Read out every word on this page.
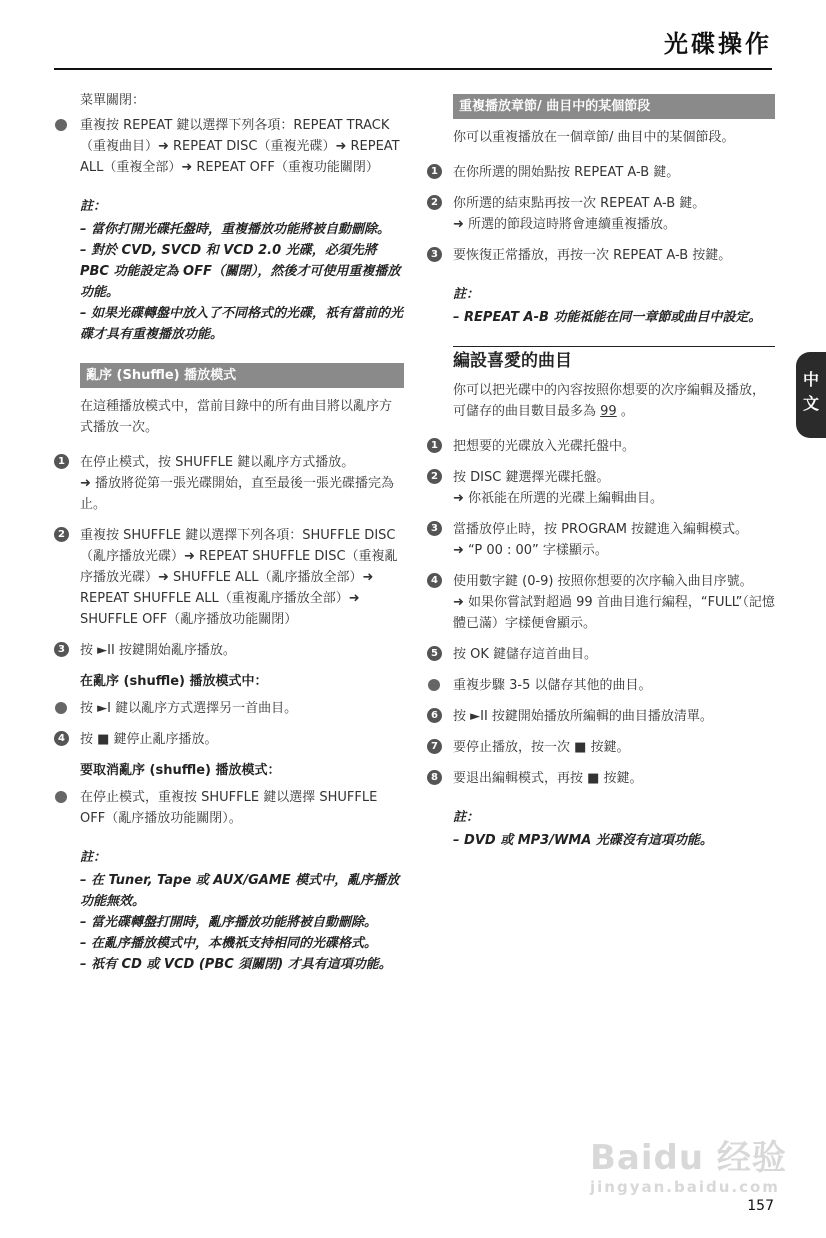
光碟操作
中
文

菜單關閉：

重複按 REPEAT 鍵以選擇下列各項：REPEAT TRACK（重複曲目）➜ REPEAT DISC（重複光碟）➜ REPEAT ALL（重複全部）➜ REPEAT OFF（重複功能關閉）

註：

– 當你打開光碟托盤時，重複播放功能將被自動刪除。

– 對於 CVD, SVCD 和 VCD 2.0 光碟，必須先將 PBC 功能設定為 OFF（關閉），然後才可使用重複播放功能。

– 如果光碟轉盤中放入了不同格式的光碟，祇有當前的光碟才具有重複播放功能。

亂序 (Shuffle) 播放模式

在這種播放模式中，當前目錄中的所有曲目將以亂序方式播放一次。

1	在停止模式，按 SHUFFLE 鍵以亂序方式播放。
➜ 播放將從第一張光碟開始，直至最後一張光碟播完為止。
2	重複按 SHUFFLE 鍵以選擇下列各項：SHUFFLE DISC（亂序播放光碟）➜ REPEAT SHUFFLE DISC（重複亂序播放光碟）➜ SHUFFLE ALL（亂序播放全部）➜ REPEAT SHUFFLE ALL（重複亂序播放全部）➜ SHUFFLE OFF（亂序播放功能關閉）
3	按 ►II 按鍵開始亂序播放。
在亂序 (shuffle) 播放模式中：
按 ►I 鍵以亂序方式選擇另一首曲目。
4	按 ■ 鍵停止亂序播放。
要取消亂序 (shuffle) 播放模式：
在停止模式，重複按 SHUFFLE 鍵以選擇 SHUFFLE OFF（亂序播放功能關閉）。

註：

– 在 Tuner, Tape 或 AUX/GAME 模式中，亂序播放功能無效。

– 當光碟轉盤打開時，亂序播放功能將被自動刪除。

– 在亂序播放模式中，本機祇支持相同的光碟格式。

– 祇有 CD 或 VCD (PBC 須關閉) 才具有這項功能。

重複播放章節/ 曲目中的某個節段

你可以重複播放在一個章節/ 曲目中的某個節段。

1	在你所選的開始點按 REPEAT A-B 鍵。
2	你所選的結束點再按一次 REPEAT A-B 鍵。
➜ 所選的節段這時將會連續重複播放。
3	要恢復正常播放，再按一次 REPEAT A-B 按鍵。

註：

– REPEAT A-B 功能祗能在同一章節或曲目中設定。

編設喜愛的曲目

你可以把光碟中的內容按照你想要的次序編輯及播放，可儲存的曲目數目最多為 99 。

1	把想要的光碟放入光碟托盤中。
2	按 DISC 鍵選擇光碟托盤。
➜ 你祇能在所選的光碟上編輯曲目。
3	當播放停止時，按 PROGRAM 按鍵進入編輯模式。
➜ “P 00 : 00” 字樣顯示。
4	使用數字鍵 (0-9) 按照你想要的次序輸入曲目序號。
➜ 如果你嘗試對超過 99 首曲目進行編程，“FULL”（記憶體已滿）字樣便會顯示。
5	按 OK 鍵儲存這首曲目。
重複步驟 3-5 以儲存其他的曲目。
6	按 ►II 按鍵開始播放所編輯的曲目播放清單。
7	要停止播放，按一次 ■ 按鍵。
8	要退出編輯模式，再按 ■ 按鍵。

註：

– DVD 或 MP3/WMA 光碟沒有這項功能。

Baidu 经验
jingyan.baidu.com
157
